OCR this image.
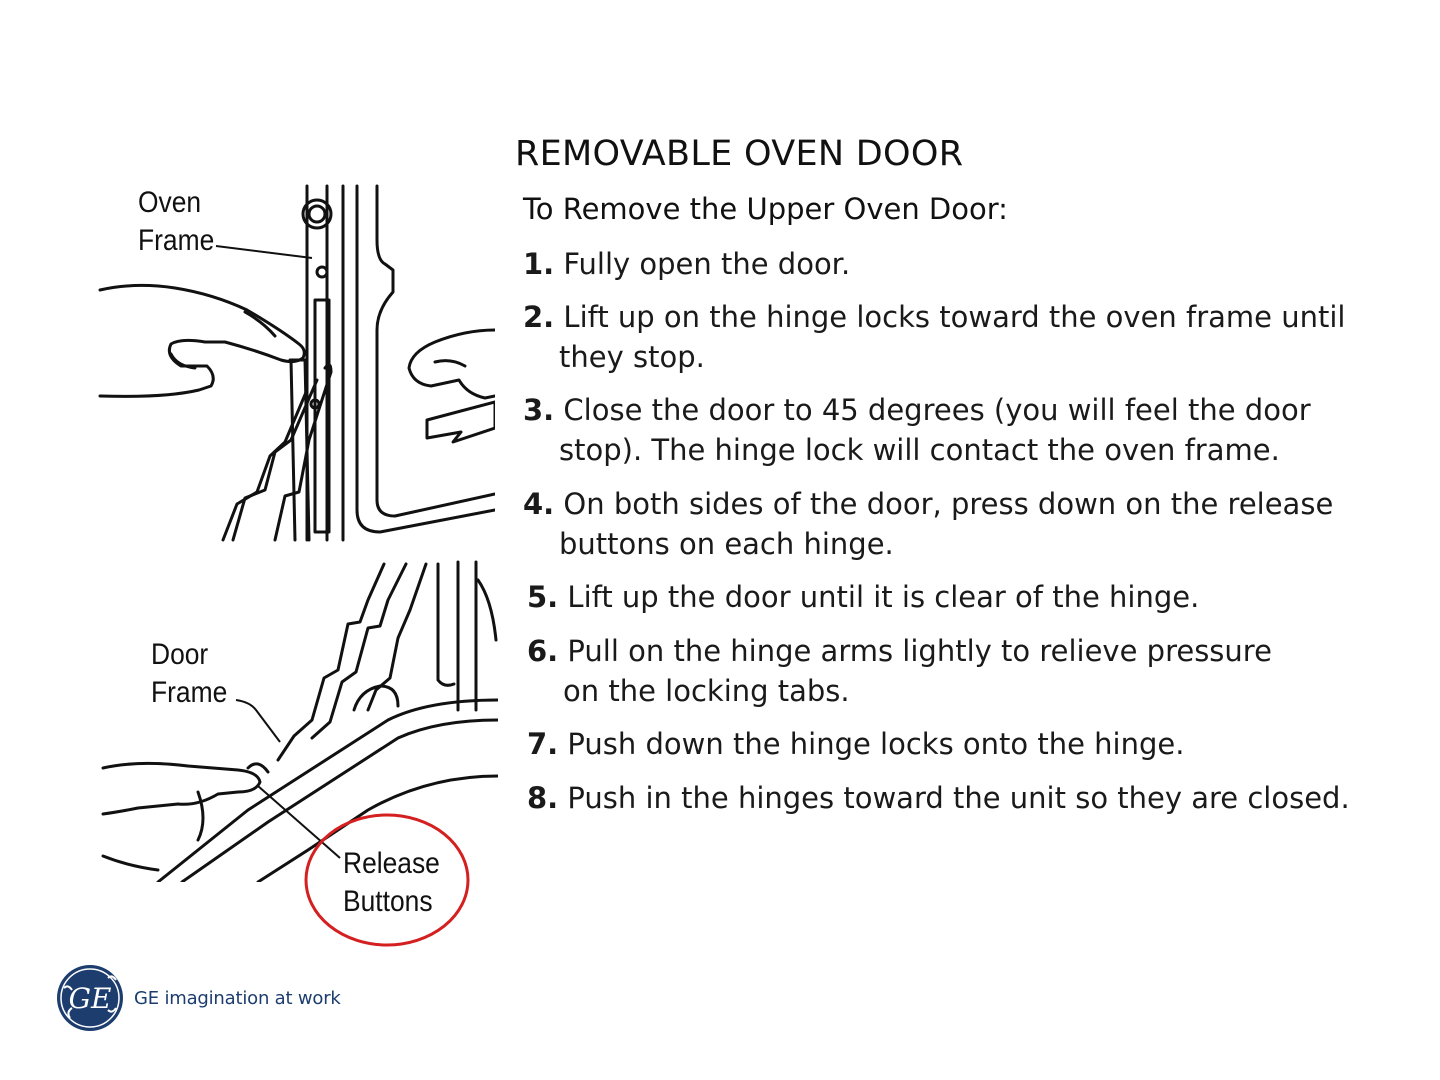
Oven
Frame
Door
Frame
Release
Buttons
REMOVABLE OVEN DOOR
To Remove the Upper Oven Door:
1. Fully open the door.
2. Lift up on the hinge locks toward the oven frame until
they stop.
3. Close the door to 45 degrees (you will feel the door
stop). The hinge lock will contact the oven frame.
4. On both sides of the door, press down on the release
buttons on each hinge.
5. Lift up the door until it is clear of the hinge.
6. Pull on the hinge arms lightly to relieve pressure
on the locking tabs.
7. Push down the hinge locks onto the hinge.
8. Push in the hinges toward the unit so they are closed.
GE GE imagination at work
